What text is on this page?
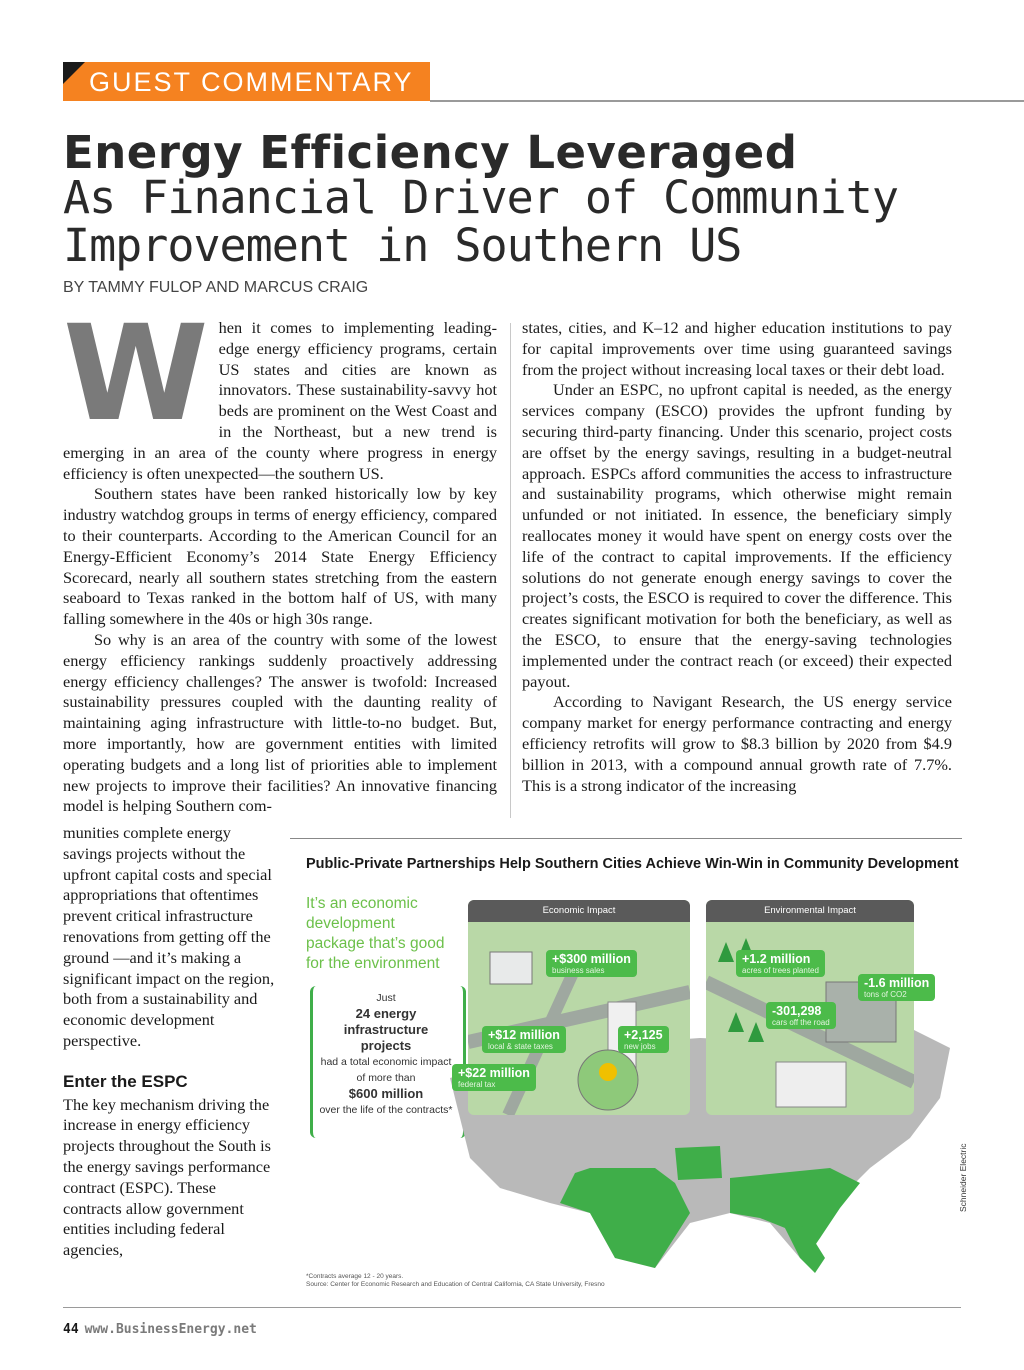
GUEST COMMENTARY
Energy Efficiency Leveraged
As Financial Driver of Community
Improvement in Southern US
BY TAMMY FULOP AND MARCUS CRAIG
W hen it comes to implementing leading-edge energy efficiency programs, certain US states and cities are known as innovators. These sustainability-savvy hot beds are prominent on the West Coast and in the Northeast, but a new trend is emerging in an area of the county where progress in energy efficiency is often unexpected—the southern US.

Southern states have been ranked historically low by key industry watchdog groups in terms of energy efficiency, compared to their counterparts. According to the American Council for an Energy-Efficient Economy’s 2014 State Energy Efficiency Scorecard, nearly all southern states stretching from the eastern seaboard to Texas ranked in the bottom half of US, with many falling somewhere in the 40s or high 30s range.

So why is an area of the country with some of the lowest energy efficiency rankings suddenly proactively addressing energy efficiency challenges? The answer is twofold: Increased sustainability pressures coupled with the daunting reality of maintaining aging infrastructure with little-to-no budget. But, more importantly, how are government entities with limited operating budgets and a long list of priorities able to implement new projects to improve their facilities? An innovative financing model is helping Southern com-

munities complete energy savings projects without the upfront capital costs and special appropriations that oftentimes prevent critical infrastructure renovations from getting off the ground —and it’s making a significant impact on the region, both from a sustainability and economic development perspective.

Enter the ESPC

The key mechanism driving the increase in energy efficiency projects throughout the South is the energy savings performance contract (ESPC). These contracts allow government entities including federal agencies,

states, cities, and K–12 and higher education institutions to pay for capital improvements over time using guaranteed savings from the project without increasing local taxes or their debt load.

Under an ESPC, no upfront capital is needed, as the energy services company (ESCO) provides the upfront funding by securing third-party financing. Under this scenario, project costs are offset by the energy savings, resulting in a budget-neutral approach. ESPCs afford communities the access to infrastructure and sustainability programs, which otherwise might remain unfunded or not initiated. In essence, the beneficiary simply reallocates money it would have spent on energy costs over the life of the contract to capital improvements. If the efficiency solutions do not generate enough energy savings to cover the project’s costs, the ESCO is required to cover the difference. This creates significant motivation for both the beneficiary, as well as the ESCO, to ensure that the energy-saving technologies implemented under the contract reach (or exceed) their expected payout.

According to Navigant Research, the US energy service company market for energy performance contracting and energy efficiency retrofits will grow to $8.3 billion by 2020 from $4.9 billion in 2013, with a compound annual growth rate of 7.7%. This is a strong indicator of the increasing

Public-Private Partnerships Help Southern Cities Achieve Win-Win in Community Development
It’s an economic development package that’s good for the environment
Just
24 energy infrastructure projects
had a total economic impact of more than
$600 million
over the life of the contracts*
Economic Impact
+$300 million
business sales
+$12 million
local & state taxes
+2,125
new jobs
+$22 million
federal tax
Environmental Impact
+1.2 million
acres of trees planted
-301,298
cars off the road
-1.6 million
tons of CO2
*Contracts average 12 - 20 years.
Source: Center for Economic Research and Education of Central California, CA State University, Fresno
Schneider Electric
44 www.BusinessEnergy.net
